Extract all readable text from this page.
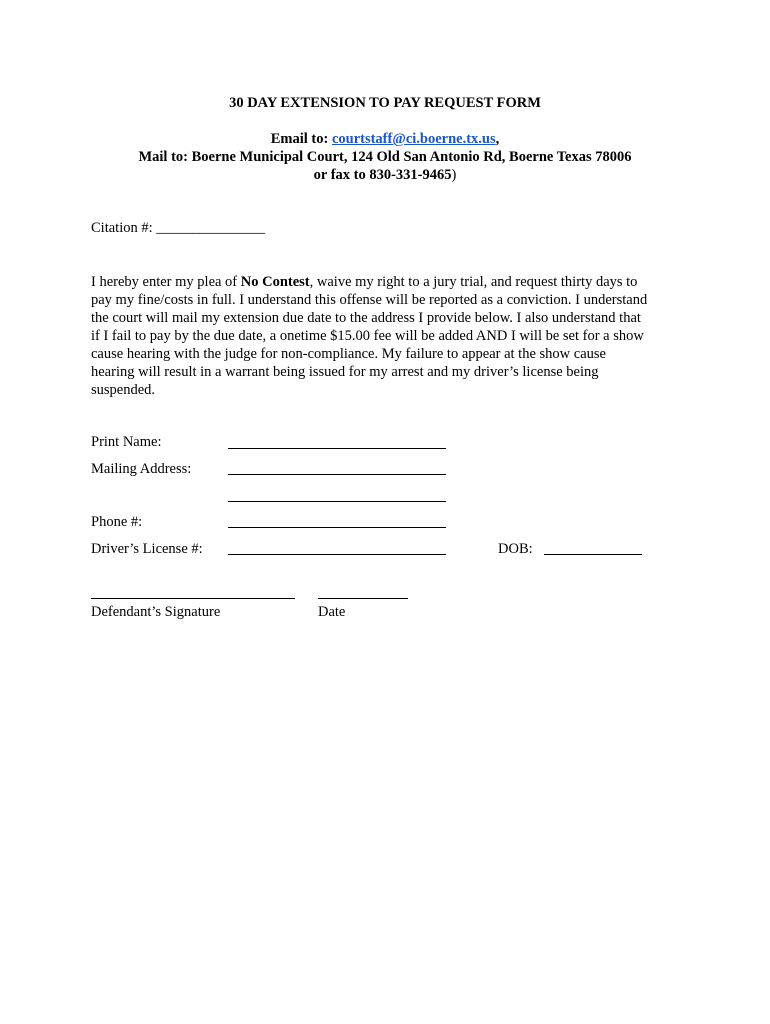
30 DAY EXTENSION TO PAY REQUEST FORM
Email to: courtstaff@ci.boerne.tx.us,
Mail to: Boerne Municipal Court, 124 Old San Antonio Rd, Boerne Texas 78006
or fax to 830-331-9465)
Citation #: _______________
I hereby enter my plea of No Contest, waive my right to a jury trial, and request thirty days to
pay my fine/costs in full. I understand this offense will be reported as a conviction. I understand
the court will mail my extension due date to the address I provide below. I also understand that
if I fail to pay by the due date, a onetime $15.00 fee will be added AND I will be set for a show
cause hearing with the judge for non-compliance. My failure to appear at the show cause
hearing will result in a warrant being issued for my arrest and my driver’s license being
suspended.
Print Name:
Mailing Address:
Phone #:
Driver’s License #:	DOB:
Defendant’s Signature	Date
